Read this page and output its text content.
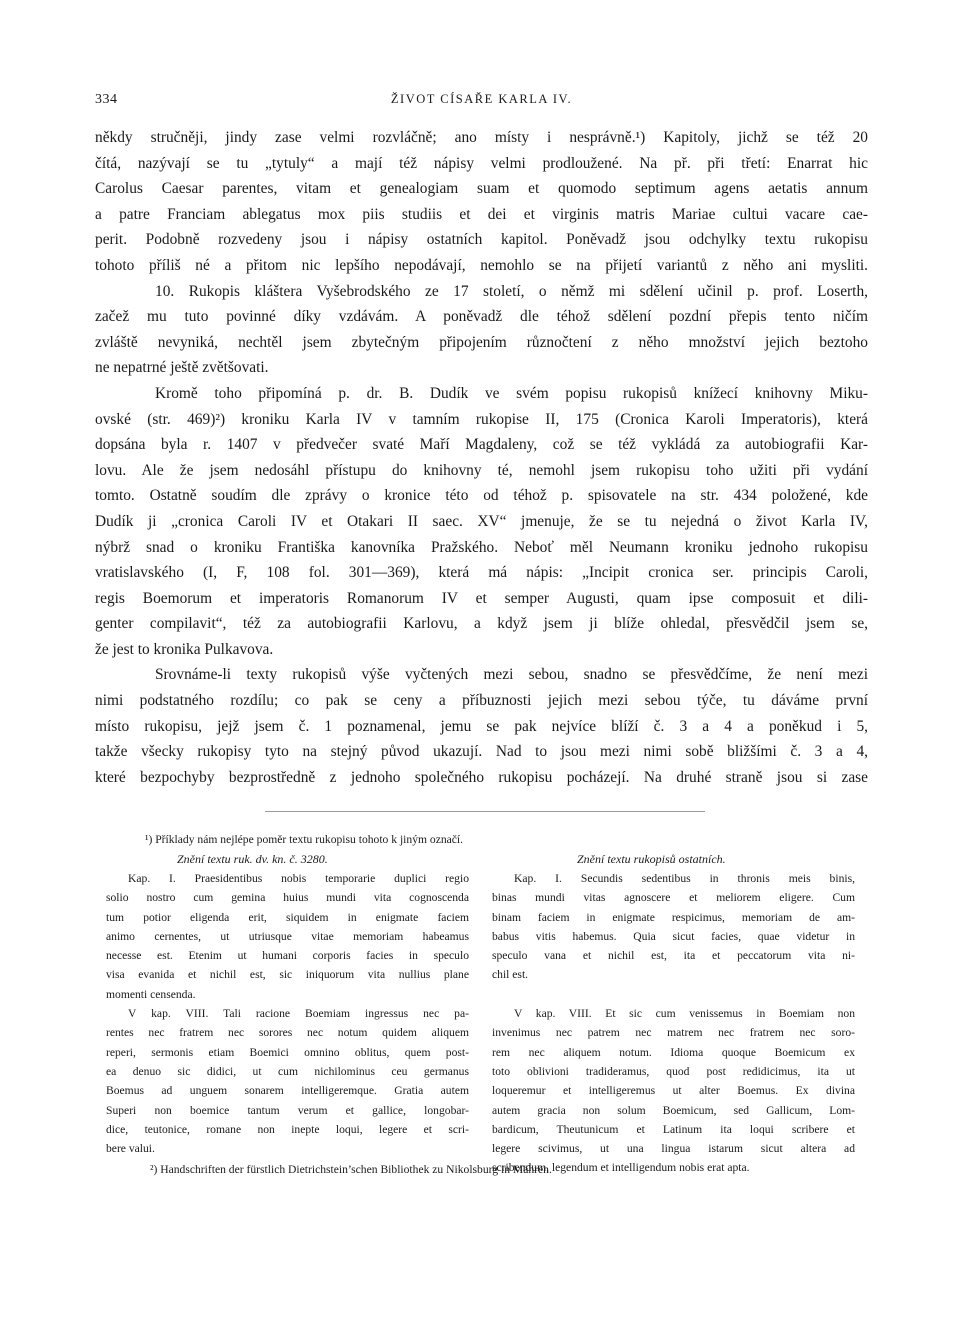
334	ŽIVOT CÍSAŘE KARLA IV.
někdy stručněji, jindy zase velmi rozvláčně; ano místy i nesprávně.¹) Kapitoly, jichž se též 20
čítá, nazývají se tu „tytuly“ a mají též nápisy velmi prodloužené. Na př. při třetí: Enarrat hic
Carolus Caesar parentes, vitam et genealogiam suam et quomodo septimum agens aetatis annum
a patre Franciam ablegatus mox piis studiis et dei et virginis matris Mariae cultui vacare cae-
perit. Podobně rozvedeny jsou i nápisy ostatních kapitol. Poněvadž jsou odchylky textu rukopisu
tohoto příliš né a přitom nic lepšího nepodávají, nemohlo se na přijetí variantů z něho ani mysliti.
10. Rukopis kláštera Vyšebrodského ze 17 století, o němž mi sdělení učinil p. prof. Loserth,
začež mu tuto povinné díky vzdávám. A poněvadž dle téhož sdělení pozdní přepis tento ničím
zvláště nevyniká, nechtěl jsem zbytečným připojením různočtení z něho množství jejich beztoho
ne nepatrné ještě zvětšovati.
Kromě toho připomíná p. dr. B. Dudík ve svém popisu rukopisů knížecí knihovny Miku-
ovské (str. 469)²) kroniku Karla IV v tamním rukopise II, 175 (Cronica Karoli Imperatoris), která
dopsána byla r. 1407 v předvečer svaté Maří Magdaleny, což se též vykládá za autobiografii Kar-
lovu. Ale že jsem nedosáhl přístupu do knihovny té, nemohl jsem rukopisu toho užiti při vydání
tomto. Ostatně soudím dle zprávy o kronice této od téhož p. spisovatele na str. 434 položené, kde
Dudík ji „cronica Caroli IV et Otakari II saec. XV“ jmenuje, že se tu nejedná o život Karla IV,
nýbrž snad o kroniku Františka kanovníka Pražského. Neboť měl Neumann kroniku jednoho rukopisu
vratislavského (I, F, 108 fol. 301—369), která má nápis: „Incipit cronica ser. principis Caroli,
regis Boemorum et imperatoris Romanorum IV et semper Augusti, quam ipse composuit et dili-
genter compilavit“, též za autobiografii Karlovu, a když jsem ji blíže ohledal, přesvědčil jsem se,
že jest to kronika Pulkavova.
Srovnáme-li texty rukopisů výše vyčtených mezi sebou, snadno se přesvědčíme, že není mezi
nimi podstatného rozdílu; co pak se ceny a příbuznosti jejich mezi sebou týče, tu dáváme první
místo rukopisu, jejž jsem č. 1 poznamenal, jemu se pak nejvíce blíží č. 3 a 4 a poněkud i 5,
takže všecky rukopisy tyto na stejný původ ukazují. Nad to jsou mezi nimi sobě bližšími č. 3 a 4,
které bezpochyby bezprostředně z jednoho společného rukopisu pocházejí. Na druhé straně jsou si zase
¹) Příklady nám nejlépe poměr textu rukopisu tohoto k jiným označí.
Znění textu ruk. dv. kn. č. 3280.	Znění textu rukopisů ostatních.
Kap. I. Praesidentibus nobis temporarie duplici regio
solio nostro cum gemina huius mundi vita cognoscenda
tum potior eligenda erit, siquidem in enigmate faciem
animo cernentes, ut utriusque vitae memoriam habeamus
necesse est. Etenim ut humani corporis facies in speculo
visa evanida et nichil est, sic iniquorum vita nullius plane
momenti censenda.
V kap. VIII. Tali racione Boemiam ingressus nec pa-
rentes nec fratrem nec sorores nec notum quidem aliquem
reperi, sermonis etiam Boemici omnino oblitus, quem post-
ea denuo sic didici, ut cum nichilominus ceu germanus
Boemus ad unguem sonarem intelligeremque. Gratia autem
Superi non boemice tantum verum et gallice, longobar-
dice, teutonice, romane non inepte loqui, legere et scri-
bere valui.
Kap. I. Secundis sedentibus in thronis meis binis,
binas mundi vitas agnoscere et meliorem eligere. Cum
binam faciem in enigmate respicimus, memoriam de am-
babus vitis habemus. Quia sicut facies, quae videtur in
speculo vana et nichil est, ita et peccatorum vita ni-
chil est.
V kap. VIII. Et sic cum venissemus in Boemiam non
invenimus nec patrem nec matrem nec fratrem nec soro-
rem nec aliquem notum. Idioma quoque Boemicum ex
toto oblivioni tradideramus, quod post redidicimus, ita ut
loqueremur et intelligeremus ut alter Boemus. Ex divina
autem gracia non solum Boemicum, sed Gallicum, Lom-
bardicum, Theutunicum et Latinum ita loqui scribere et
legere scivimus, ut una lingua istarum sicut altera ad
scribendum, legendum et intelligendum nobis erat apta.
²) Handschriften der fürstlich Dietrichstein’schen Bibliothek zu Nikolsburg in Mähren.
